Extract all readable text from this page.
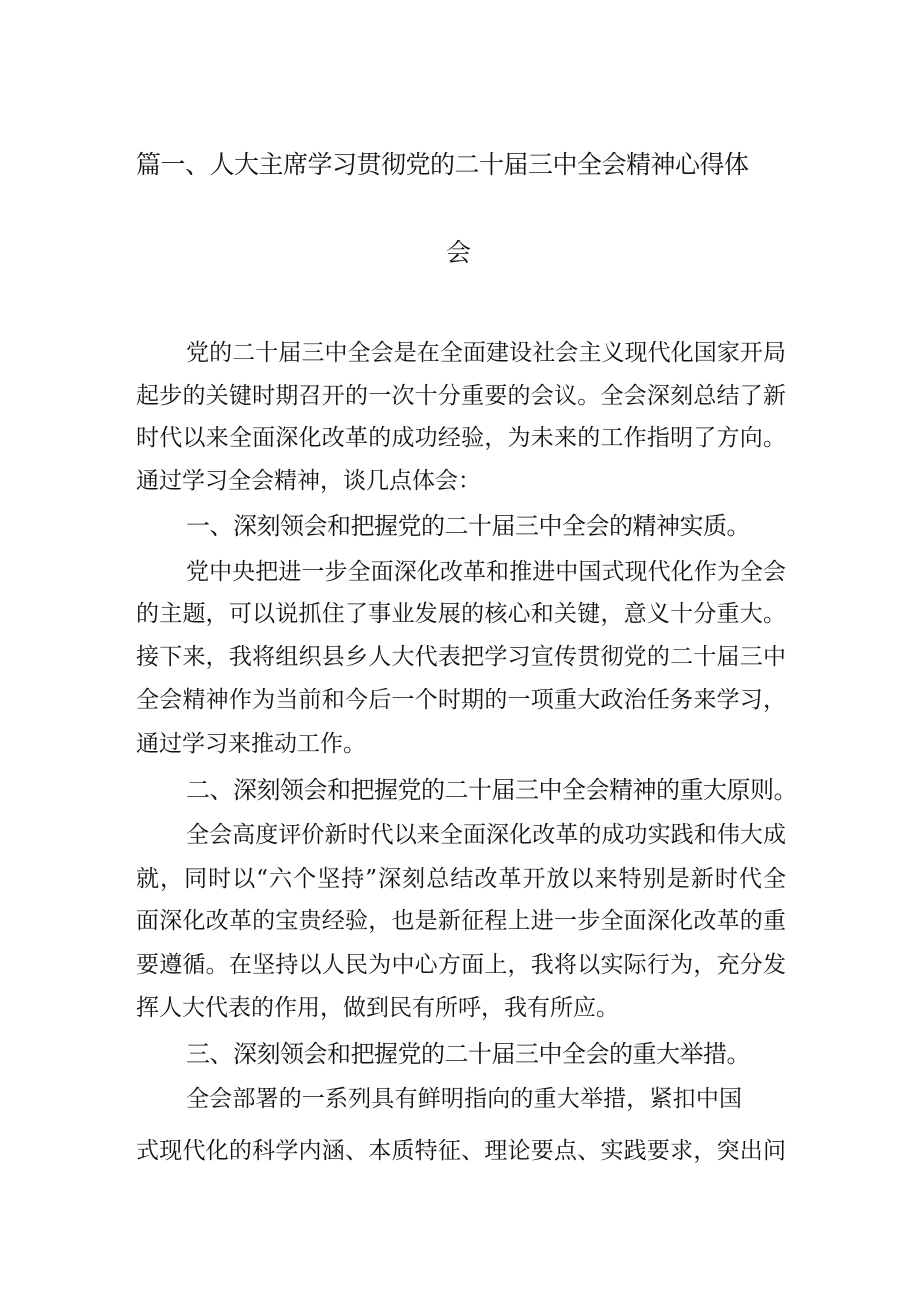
篇一、人大主席学习贯彻党的二十届三中全会精神心得体
会
党的二十届三中全会是在全面建设社会主义现代化国家开局
起步的关键时期召开的一次十分重要的会议。全会深刻总结了新
时代以来全面深化改革的成功经验，为未来的工作指明了方向。
通过学习全会精神，谈几点体会：
一、深刻领会和把握党的二十届三中全会的精神实质。
党中央把进一步全面深化改革和推进中国式现代化作为全会
的主题，可以说抓住了事业发展的核心和关键，意义十分重大。
接下来，我将组织县乡人大代表把学习宣传贯彻党的二十届三中
全会精神作为当前和今后一个时期的一项重大政治任务来学习，
通过学习来推动工作。
二、深刻领会和把握党的二十届三中全会精神的重大原则。
全会高度评价新时代以来全面深化改革的成功实践和伟大成
就，同时以“六个坚持”深刻总结改革开放以来特别是新时代全
面深化改革的宝贵经验，也是新征程上进一步全面深化改革的重
要遵循。在坚持以人民为中心方面上，我将以实际行为，充分发
挥人大代表的作用，做到民有所呼，我有所应。
三、深刻领会和把握党的二十届三中全会的重大举措。
全会部署的一系列具有鲜明指向的重大举措，紧扣中国
式现代化的科学内涵、本质特征、理论要点、实践要求，突出问
